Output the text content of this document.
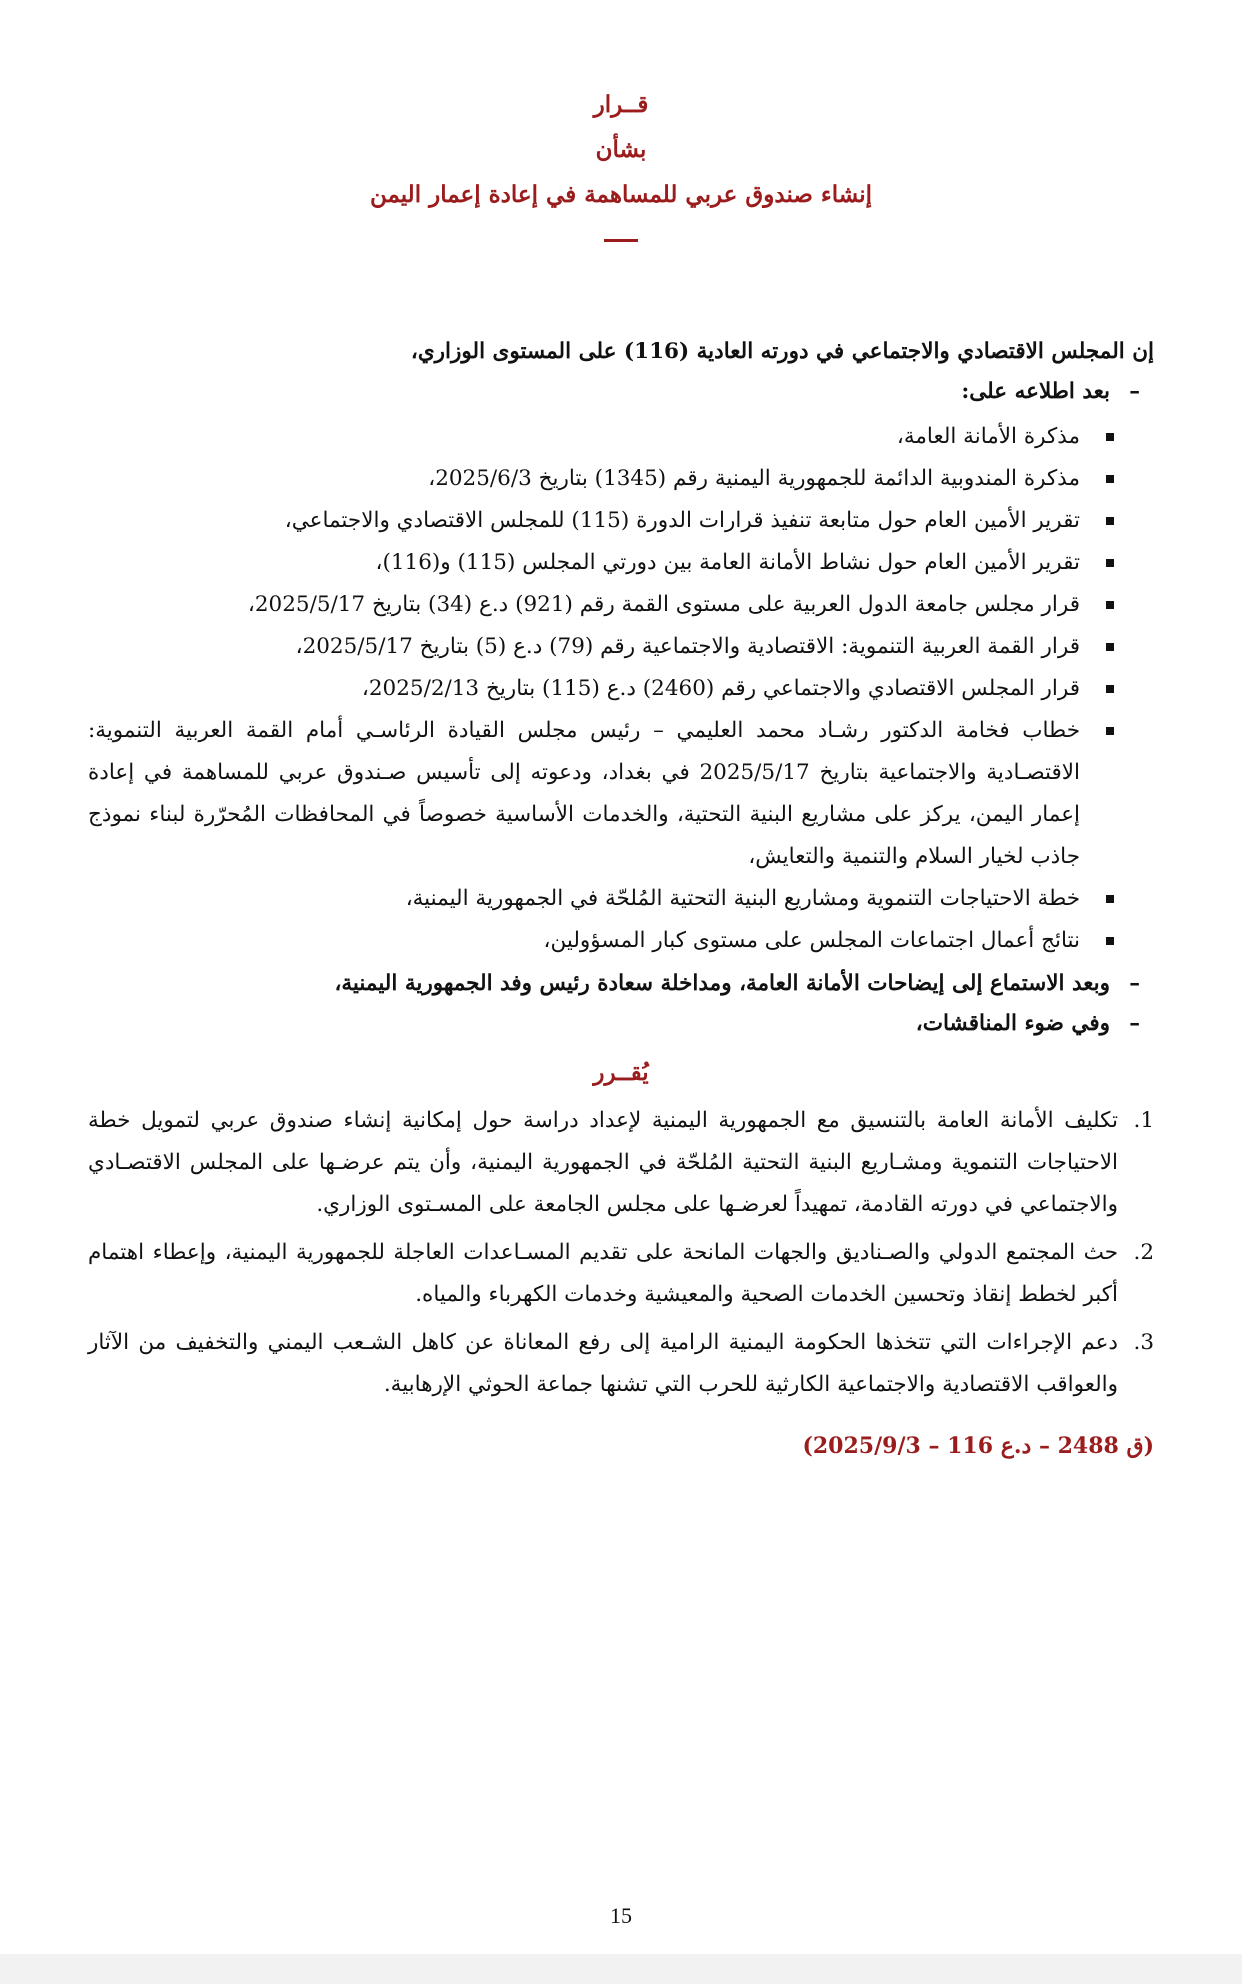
قــرار
بشأن
إنشاء صندوق عربي للمساهمة في إعادة إعمار اليمن

إن المجلس الاقتصادي والاجتماعي في دورته العادية (116) على المستوى الوزاري،

–بعد اطلاعه على:

مذكرة الأمانة العامة،
مذكرة المندوبية الدائمة للجمهورية اليمنية رقم (1345) بتاريخ 2025/6/3،
تقرير الأمين العام حول متابعة تنفيذ قرارات الدورة (115) للمجلس الاقتصادي والاجتماعي،
تقرير الأمين العام حول نشاط الأمانة العامة بين دورتي المجلس (115) و(116)،
قرار مجلس جامعة الدول العربية على مستوى القمة رقم (921) د.ع (34) بتاريخ 2025/5/17،
قرار القمة العربية التنموية: الاقتصادية والاجتماعية رقم (79) د.ع (5) بتاريخ 2025/5/17،
قرار المجلس الاقتصادي والاجتماعي رقم (2460) د.ع (115) بتاريخ 2025/2/13،
خطاب فخامة الدكتور رشـاد محمد العليمي – رئيس مجلس القيادة الرئاسـي أمام القمة العربية التنموية: الاقتصـادية والاجتماعية بتاريخ 2025/5/17 في بغداد، ودعوته إلى تأسيس صـندوق عربي للمساهمة في إعادة إعمار اليمن، يركز على مشاريع البنية التحتية، والخدمات الأساسية خصوصاً في المحافظات المُحرّرة لبناء نموذج جاذب لخيار السلام والتنمية والتعايش،
خطة الاحتياجات التنموية ومشاريع البنية التحتية المُلحّة في الجمهورية اليمنية،
نتائج أعمال اجتماعات المجلس على مستوى كبار المسؤولين،

–وبعد الاستماع إلى إيضاحات الأمانة العامة، ومداخلة سعادة رئيس وفد الجمهورية اليمنية،

–وفي ضوء المناقشات،

يُقــرر
1.
تكليف الأمانة العامة بالتنسيق مع الجمهورية اليمنية لإعداد دراسة حول إمكانية إنشاء صندوق عربي لتمويل خطة الاحتياجات التنموية ومشـاريع البنية التحتية المُلحّة في الجمهورية اليمنية، وأن يتم عرضـها على المجلس الاقتصـادي والاجتماعي في دورته القادمة، تمهيداً لعرضـها على مجلس الجامعة على المسـتوى الوزاري.
2.
حث المجتمع الدولي والصـناديق والجهات المانحة على تقديم المسـاعدات العاجلة للجمهورية اليمنية، وإعطاء اهتمام أكبر لخطط إنقاذ وتحسين الخدمات الصحية والمعيشية وخدمات الكهرباء والمياه.
3.
دعم الإجراءات التي تتخذها الحكومة اليمنية الرامية إلى رفع المعاناة عن كاهل الشـعب اليمني والتخفيف من الآثار والعواقب الاقتصادية والاجتماعية الكارثية للحرب التي تشنها جماعة الحوثي الإرهابية.

(ق 2488 – د.ع 116 – 2025/9/3)

15
